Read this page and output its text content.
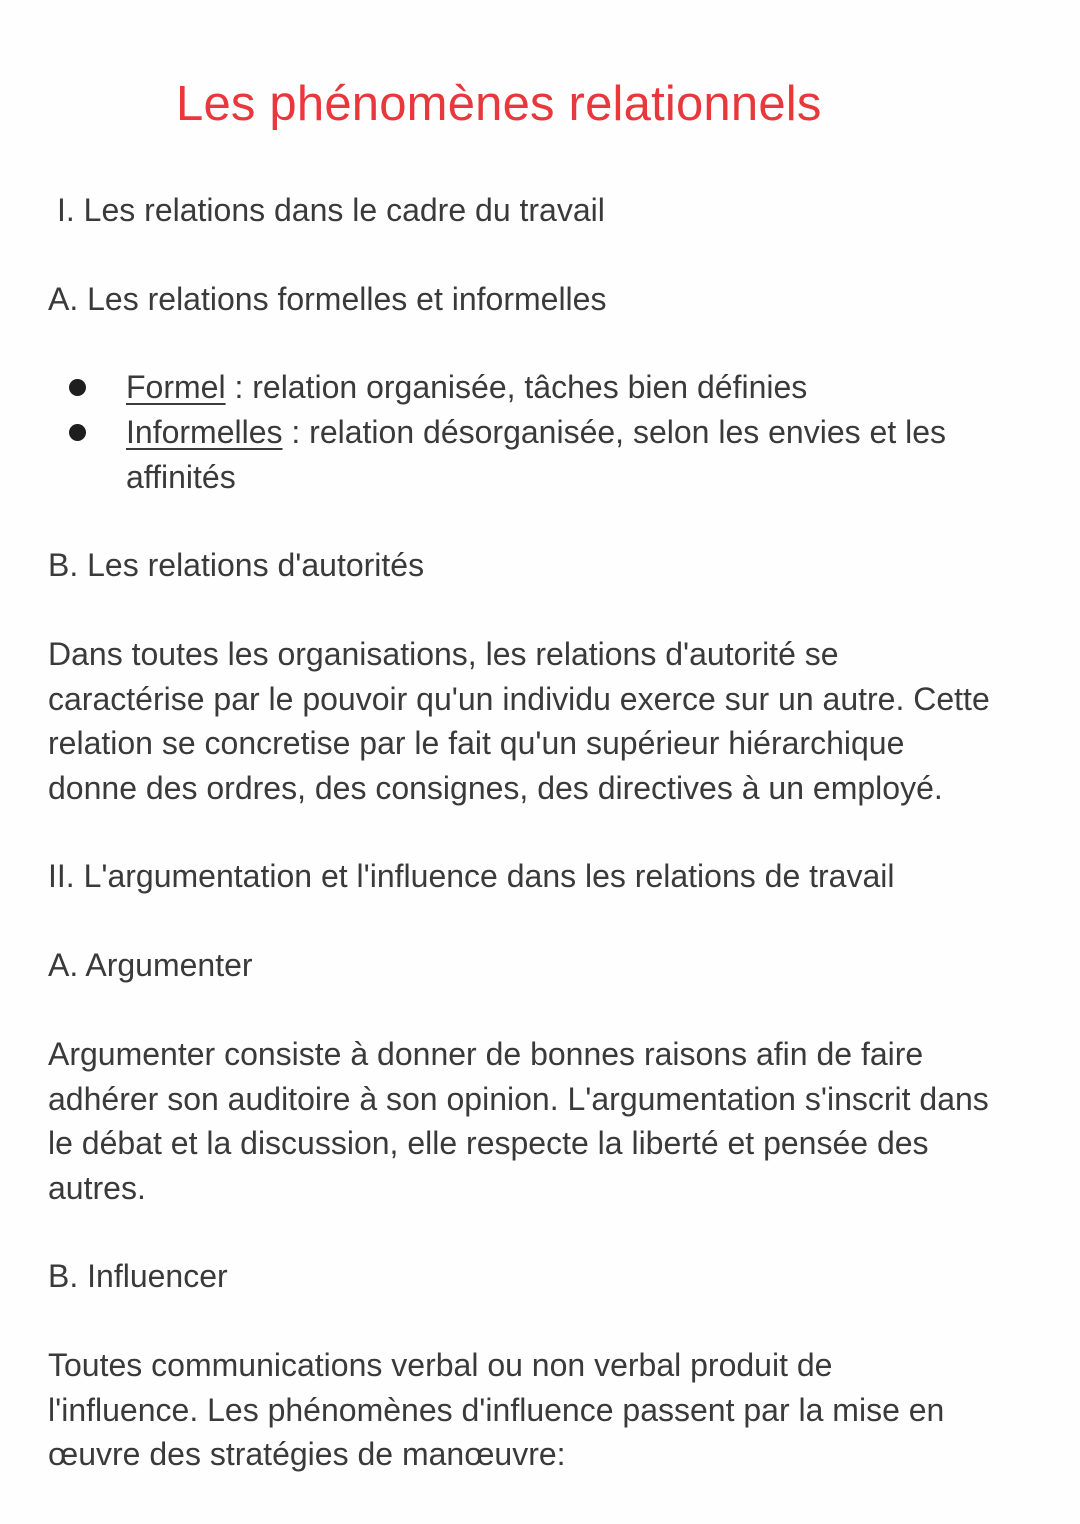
Les phénomènes relationnels
I. Les relations dans le cadre du travail
A. Les relations formelles et informelles
Formel : relation organisée, tâches bien définies
Informelles : relation désorganisée, selon les envies et les
affinités
B. Les relations d'autorités
Dans toutes les organisations, les relations d'autorité se
caractérise par le pouvoir qu'un individu exerce sur un autre. Cette
relation se concretise par le fait qu'un supérieur hiérarchique
donne des ordres, des consignes, des directives à un employé.
II. L'argumentation et l'influence dans les relations de travail
A. Argumenter
Argumenter consiste à donner de bonnes raisons afin de faire
adhérer son auditoire à son opinion. L'argumentation s'inscrit dans
le débat et la discussion, elle respecte la liberté et pensée des
autres.
B. Influencer
Toutes communications verbal ou non verbal produit de
l'influence. Les phénomènes d'influence passent par la mise en
œuvre des stratégies de manœuvre:
